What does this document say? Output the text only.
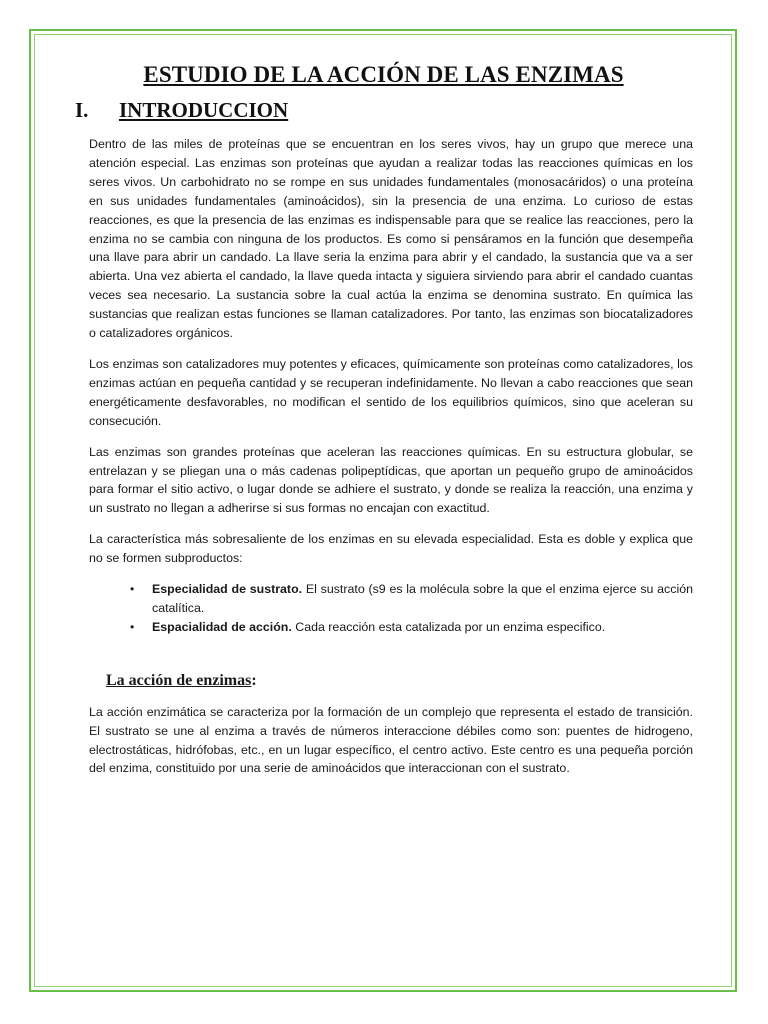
ESTUDIO DE LA ACCIÓN DE LAS ENZIMAS
I.	INTRODUCCION

Dentro de las miles de proteínas que se encuentran en los seres vivos, hay un grupo que merece una atención especial. Las enzimas son proteínas que ayudan a realizar todas las reacciones químicas en los seres vivos. Un carbohidrato no se rompe en sus unidades fundamentales (monosacáridos) o una proteína en sus unidades fundamentales (aminoácidos), sin la presencia de una enzima. Lo curioso de estas reacciones, es que la presencia de las enzimas es indispensable para que se realice las reacciones, pero la enzima no se cambia con ninguna de los productos. Es como si pensáramos en la función que desempeña una llave para abrir un candado. La llave seria la enzima para abrir y el candado, la sustancia que va a ser abierta. Una vez abierta el candado, la llave queda intacta y siguiera sirviendo para abrir el candado cuantas veces sea necesario. La sustancia sobre la cual actúa la enzima se denomina sustrato. En química las sustancias que realizan estas funciones se llaman catalizadores. Por tanto, las enzimas son biocatalizadores o catalizadores orgánicos.

Los enzimas son catalizadores muy potentes y eficaces, químicamente son proteínas como catalizadores, los enzimas actúan en pequeña cantidad y se recuperan indefinidamente. No llevan a cabo reacciones que sean energéticamente desfavorables, no modifican el sentido de los equilibrios químicos, sino que aceleran su consecución.

Las enzimas son grandes proteínas que aceleran las reacciones químicas. En su estructura globular, se entrelazan y se pliegan una o más cadenas polipeptídicas, que aportan un pequeño grupo de aminoácidos para formar el sitio activo, o lugar donde se adhiere el sustrato, y donde se realiza la reacción, una enzima y un sustrato no llegan a adherirse si sus formas no encajan con exactitud.

La característica más sobresaliente de los enzimas en su elevada especialidad. Esta es doble y explica que no se formen subproductos:

• Especialidad de sustrato. El sustrato (s9 es la molécula sobre la que el enzima ejerce su acción catalítica.
• Espacialidad de acción. Cada reacción esta catalizada por un enzima especifico.
La acción de enzimas:

La acción enzimática se caracteriza por la formación de un complejo que representa el estado de transición. El sustrato se une al enzima a través de números interaccione débiles como son: puentes de hidrogeno, electrostáticas, hidrófobas, etc., en un lugar específico, el centro activo. Este centro es una pequeña porción del enzima, constituido por una serie de aminoácidos que interaccionan con el sustrato.
